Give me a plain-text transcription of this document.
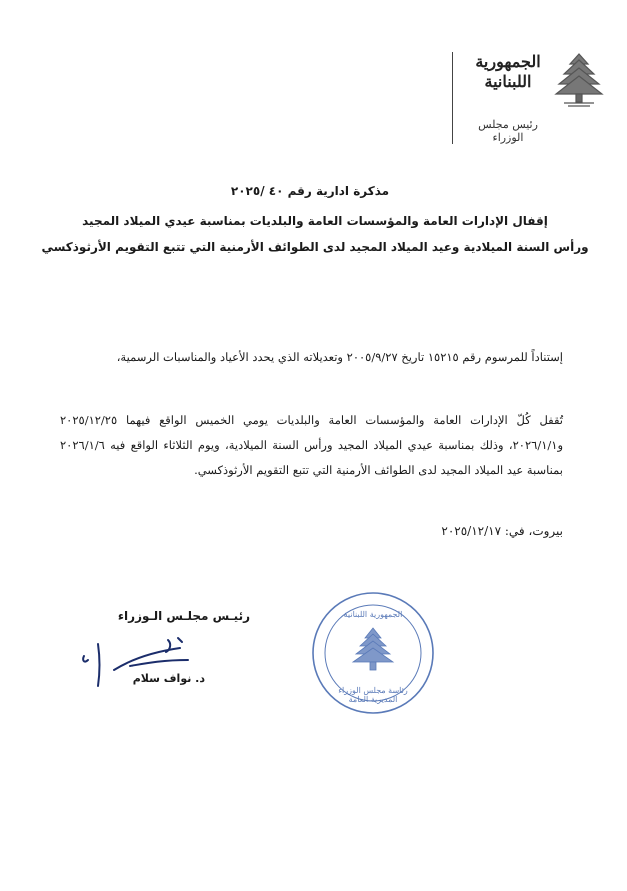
الجمهورية اللبنانية
رئيس مجلس الوزراء
مذكرة ادارية رقم ٤٠ /٢٠٢٥
إقفال الإدارات العامة والمؤسسات العامة والبلديات بمناسبة عيدي الميلاد المجيد
ورأس السنة الميلادية وعيد الميلاد المجيد لدى الطوائف الأرمنية التي تتبع التقويم الأرثوذكسي
إستناداً للمرسوم رقم ١٥٢١٥ تاريخ ٢٠٠٥/٩/٢٧ وتعديلاته الذي يحدد الأعياد والمناسبات الرسمية،
تُقفل كُلّ الإدارات العامة والمؤسسات العامة والبلديات يومي الخميس الواقع فيهما ٢٠٢٥/١٢/٢٥ و٢٠٢٦/١/١، وذلك بمناسبة عيدي الميلاد المجيد ورأس السنة الميلادية، ويوم الثلاثاء الواقع فيه ٢٠٢٦/١/٦ بمناسبة عيد الميلاد المجيد لدى الطوائف الأرمنية التي تتبع التقويم الأرثوذكسي.
بيروت، في: ٢٠٢٥/١٢/١٧
رئيـس مجلـس الـوزراء
د. نواف سلام
الجمهورية اللبنانية
رئاسة مجلس الوزراء المديرية العامة
